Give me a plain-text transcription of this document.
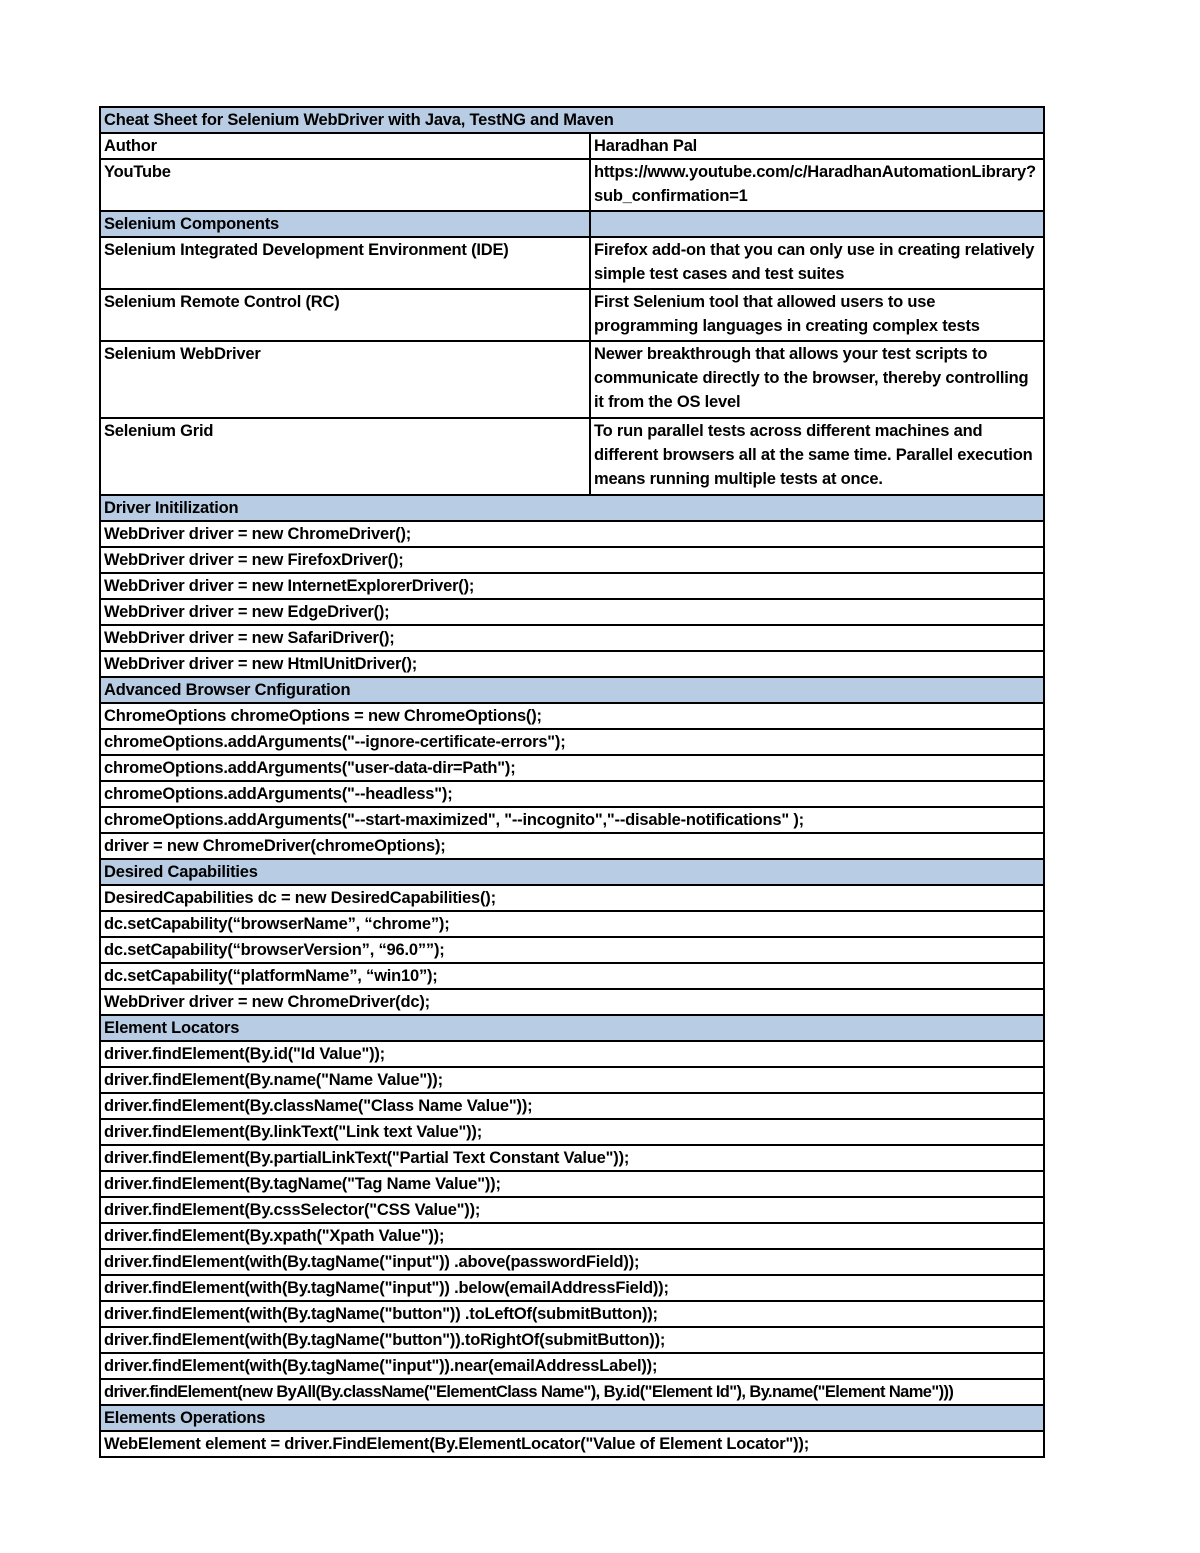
Cheat Sheet for Selenium WebDriver with Java, TestNG and Maven	
Author	Haradhan Pal
YouTube	https://www.youtube.com/c/HaradhanAutomationLibrary?sub_confirmation=1
Selenium Components	
Selenium Integrated Development Environment (IDE)	Firefox add-on that you can only use in creating relatively simple test cases and test suites
Selenium Remote Control (RC)	First Selenium tool that allowed users to use programming languages in creating complex tests
Selenium WebDriver	Newer breakthrough that allows your test scripts to communicate directly to the browser, thereby controlling it from the OS level
Selenium Grid	To run parallel tests across different machines and different browsers all at the same time. Parallel execution means running multiple tests at once.
Driver Initilization	
WebDriver driver = new ChromeDriver();	
WebDriver driver = new FirefoxDriver();	
WebDriver driver = new InternetExplorerDriver();	
WebDriver driver = new EdgeDriver();	
WebDriver driver = new SafariDriver();	
WebDriver driver = new HtmlUnitDriver();	
Advanced Browser Cnfiguration	
ChromeOptions chromeOptions = new ChromeOptions();	
chromeOptions.addArguments("--ignore-certificate-errors");	
chromeOptions.addArguments("user-data-dir=Path");	
chromeOptions.addArguments("--headless");	
chromeOptions.addArguments("--start-maximized", "--incognito","--disable-notifications" );	
driver = new ChromeDriver(chromeOptions);	
Desired Capabilities	
DesiredCapabilities dc = new DesiredCapabilities();	
dc.setCapability(“browserName”, “chrome”);	
dc.setCapability(“browserVersion”, “96.0””);	
dc.setCapability(“platformName”, “win10”);	
WebDriver driver = new ChromeDriver(dc);	
Element Locators	
driver.findElement(By.id("Id Value"));	
driver.findElement(By.name("Name Value"));	
driver.findElement(By.className("Class Name Value"));	
driver.findElement(By.linkText("Link text Value"));	
driver.findElement(By.partialLinkText("Partial Text Constant Value"));	
driver.findElement(By.tagName("Tag Name Value"));	
driver.findElement(By.cssSelector("CSS Value"));	
driver.findElement(By.xpath("Xpath Value"));	
driver.findElement(with(By.tagName("input")) .above(passwordField));	
driver.findElement(with(By.tagName("input")) .below(emailAddressField));	
driver.findElement(with(By.tagName("button")) .toLeftOf(submitButton));	
driver.findElement(with(By.tagName("button")).toRightOf(submitButton));	
driver.findElement(with(By.tagName("input")).near(emailAddressLabel));	
driver.findElement(new ByAll(By.className("ElementClass Name"), By.id("Element Id"), By.name("Element Name")))	
Elements Operations	
WebElement element = driver.FindElement(By.ElementLocator("Value of Element Locator"));	
